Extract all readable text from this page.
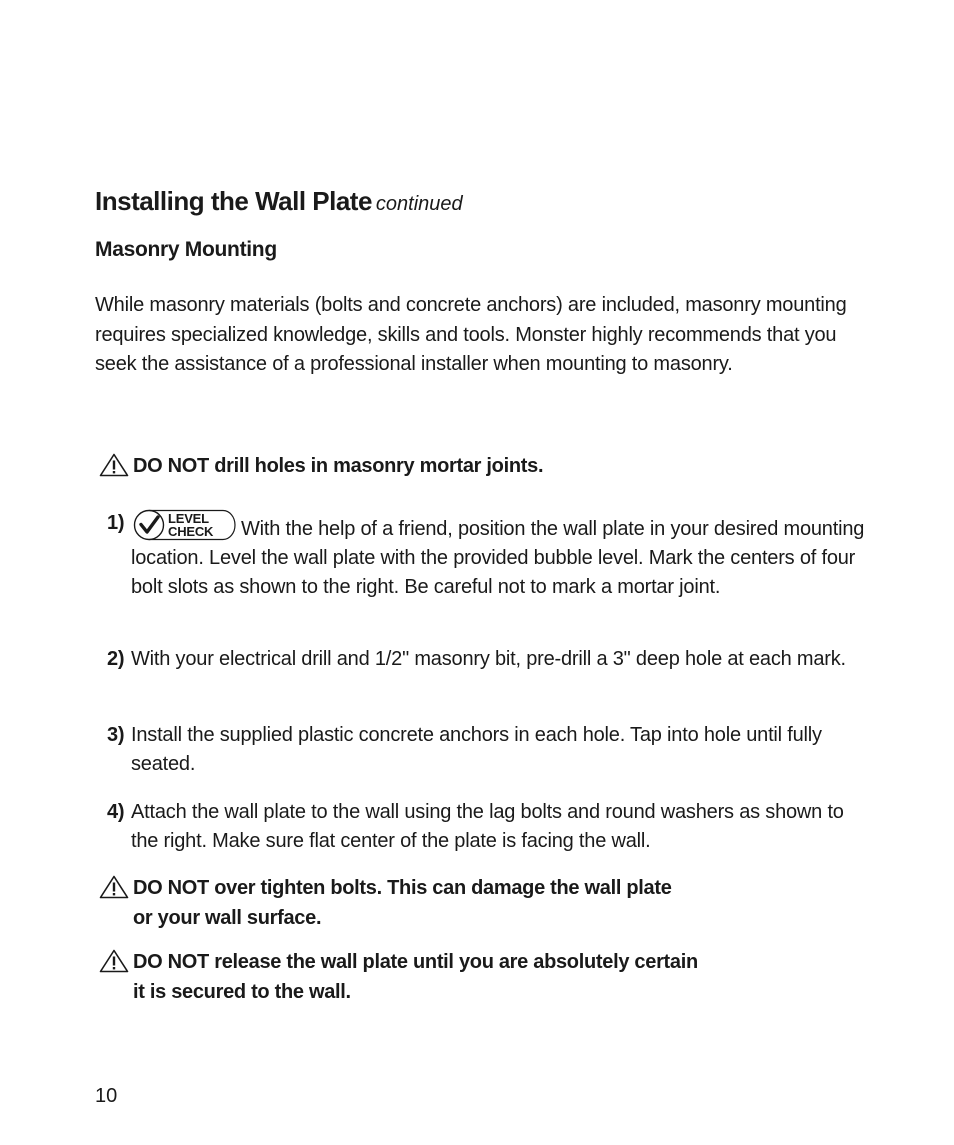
Installing the Wall Plate continued
Masonry Mounting
While masonry materials (bolts and concrete anchors) are included, masonry mounting requires specialized knowledge, skills and tools. Monster highly recommends that you seek the assistance of a professional installer when mounting to masonry.
DO NOT drill holes in masonry mortar joints.
1)	LEVEL
CHECK With the help of a friend, position the wall plate in your desired mounting location. Level the wall plate with the provided bubble level. Mark the centers of four bolt slots as shown to the right. Be careful not to mark a mortar joint.
2) With your electrical drill and 1/2" masonry bit, pre-drill a 3" deep hole at each mark.
3) Install the supplied plastic concrete anchors in each hole. Tap into hole until fully seated.
4) Attach the wall plate to the wall using the lag bolts and round washers as shown to the right. Make sure flat center of the plate is facing the wall.
DO NOT over tighten bolts. This can damage the wall plate
or your wall surface.
DO NOT release the wall plate until you are absolutely certain
it is secured to the wall.
10
